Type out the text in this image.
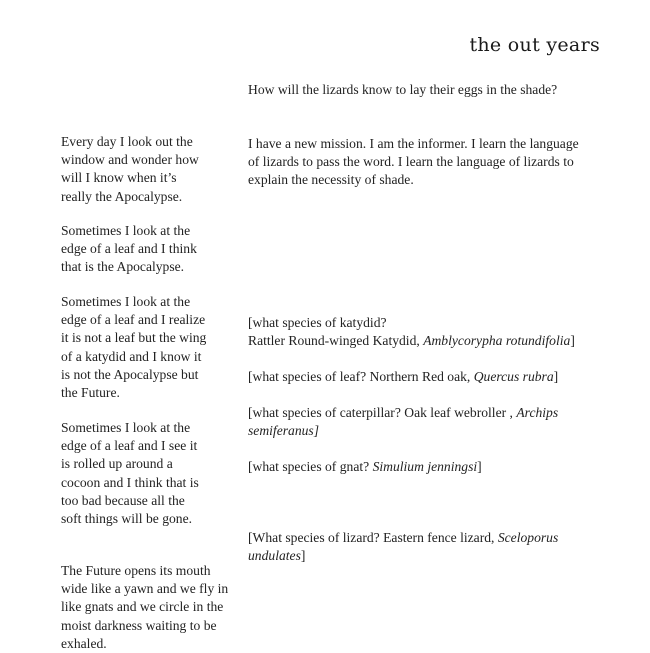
the out years

How will the lizards know to lay their eggs in the shade?

I have a new mission. I am the informer. I learn the language of lizards to pass the word. I learn the language of lizards to explain the necessity of shade.

[what species of katydid?
Rattler Round-winged Katydid, Amblycorypha rotundifolia]
[what species of leaf? Northern Red oak, Quercus rubra]
[what species of caterpillar? Oak leaf webroller , Archips
semiferanus]
[what species of gnat? Simulium jenningsi]
[What species of lizard? Eastern fence lizard, Sceloporus
undulates]
Every day I look out the
window and wonder how
will I know when it’s
really the Apocalypse.
Sometimes I look at the
edge of a leaf and I think
that is the Apocalypse.
Sometimes I look at the
edge of a leaf and I realize
it is not a leaf but the wing
of a katydid and I know it
is not the Apocalypse but
the Future.
Sometimes I look at the
edge of a leaf and I see it
is rolled up around a
cocoon and I think that is
too bad because all the
soft things will be gone.
The Future opens its mouth
wide like a yawn and we fly in
like gnats and we circle in the
moist darkness waiting to be
exhaled.
